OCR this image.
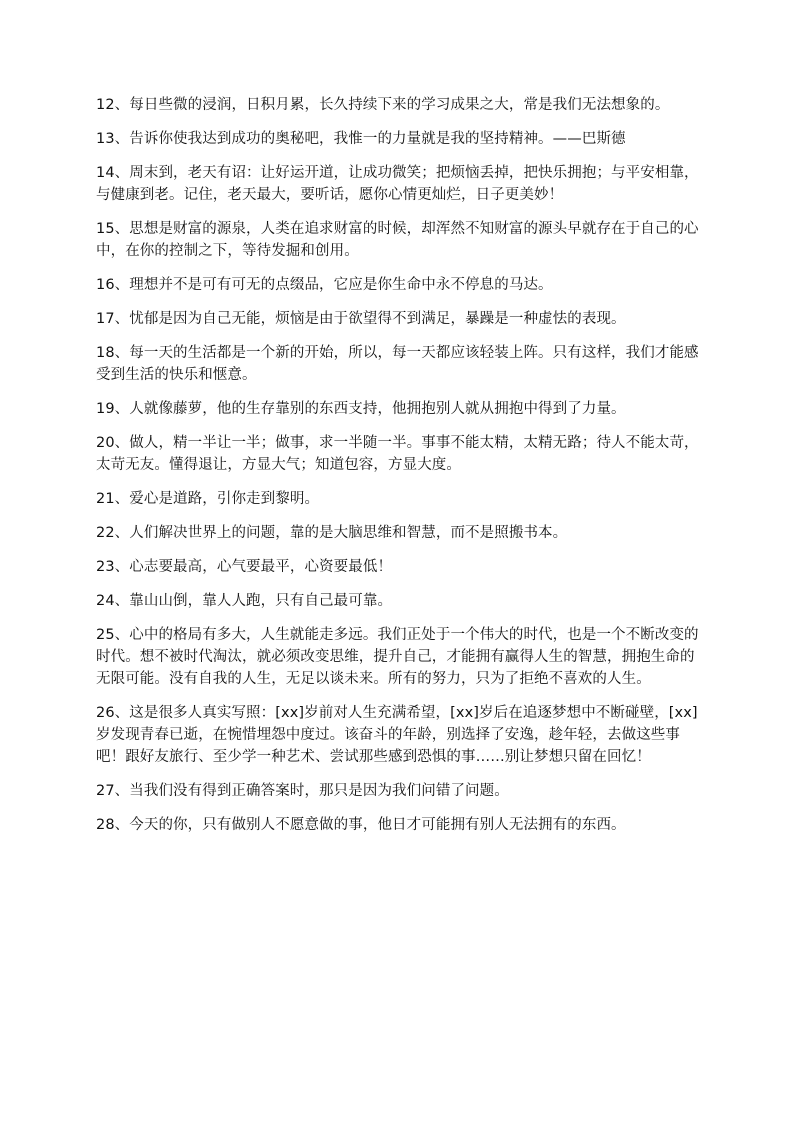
12、每日些微的浸润，日积月累，长久持续下来的学习成果之大，常是我们无法想象的。

13、告诉你使我达到成功的奥秘吧，我惟一的力量就是我的坚持精神。——巴斯德

14、周末到，老天有诏：让好运开道，让成功微笑；把烦恼丢掉，把快乐拥抱；与平安相靠，与健康到老。记住，老天最大，要听话，愿你心情更灿烂，日子更美妙！

15、思想是财富的源泉，人类在追求财富的时候，却浑然不知财富的源头早就存在于自己的心中，在你的控制之下，等待发掘和创用。

16、理想并不是可有可无的点缀品，它应是你生命中永不停息的马达。

17、忧郁是因为自己无能，烦恼是由于欲望得不到满足，暴躁是一种虚怯的表现。

18、每一天的生活都是一个新的开始，所以，每一天都应该轻装上阵。只有这样，我们才能感受到生活的快乐和惬意。

19、人就像藤萝，他的生存靠别的东西支持，他拥抱别人就从拥抱中得到了力量。

20、做人，精一半让一半；做事，求一半随一半。事事不能太精，太精无路；待人不能太苛，太苛无友。懂得退让，方显大气；知道包容，方显大度。

21、爱心是道路，引你走到黎明。

22、人们解决世界上的问题，靠的是大脑思维和智慧，而不是照搬书本。

23、心志要最高，心气要最平，心资要最低！

24、靠山山倒，靠人人跑，只有自己最可靠。

25、心中的格局有多大，人生就能走多远。我们正处于一个伟大的时代，也是一个不断改变的时代。想不被时代淘汰，就必须改变思维，提升自己，才能拥有赢得人生的智慧，拥抱生命的无限可能。没有自我的人生，无足以谈未来。所有的努力，只为了拒绝不喜欢的人生。

26、这是很多人真实写照：[xx]岁前对人生充满希望，[xx]岁后在追逐梦想中不断碰壁，[xx]岁发现青春已逝，在惋惜埋怨中度过。该奋斗的年龄，别选择了安逸，趁年轻，去做这些事吧！跟好友旅行、至少学一种艺术、尝试那些感到恐惧的事……别让梦想只留在回忆！

27、当我们没有得到正确答案时，那只是因为我们问错了问题。

28、今天的你，只有做别人不愿意做的事，他日才可能拥有别人无法拥有的东西。
